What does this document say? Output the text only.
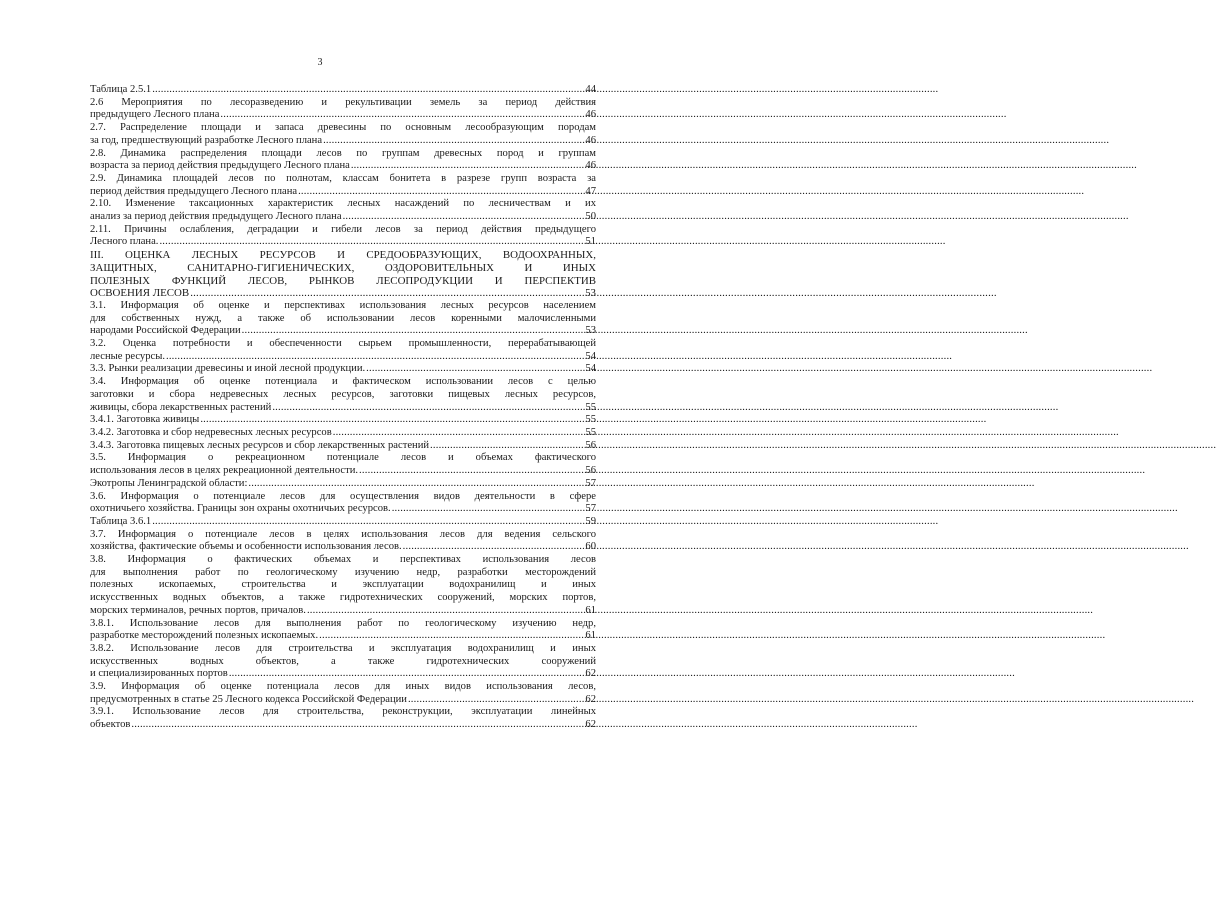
3
Таблица 2.5.1 .....	44
2.6 Мероприятия по лесоразведению и рекультивации земель за период действия
предыдущего Лесного плана .....	46
2.7. Распределение площади и запаса древесины по основным лесообразующим породам
за год, предшествующий разработке Лесного плана .....	46
2.8. Динамика распределения площади лесов по группам древесных пород и группам
возраста за период действия предыдущего Лесного плана .....	46
2.9. Динамика площадей лесов по полнотам, классам бонитета в разрезе групп возраста за
период действия предыдущего Лесного плана .....	47
2.10. Изменение таксационных характеристик лесных насаждений по лесничествам и их
анализ за период действия предыдущего Лесного плана .....	50
2.11. Причины ослабления, деградации и гибели лесов за период действия предыдущего
Лесного плана. .....	51
III. ОЦЕНКА ЛЕСНЫХ РЕСУРСОВ И СРЕДООБРАЗУЮЩИХ, ВОДООХРАННЫХ,
ЗАЩИТНЫХ, САНИТАРНО-ГИГИЕНИЧЕСКИХ, ОЗДОРОВИТЕЛЬНЫХ И ИНЫХ
ПОЛЕЗНЫХ ФУНКЦИЙ ЛЕСОВ, РЫНКОВ ЛЕСОПРОДУКЦИИ И ПЕРСПЕКТИВ
ОСВОЕНИЯ ЛЕСОВ .....	53
3.1. Информация об оценке и перспективах использования лесных ресурсов населением
для собственных нужд, а также об использовании лесов коренными малочисленными
народами Российской Федерации .....	53
3.2. Оценка потребности и обеспеченности сырьем промышленности, перерабатывающей
лесные ресурсы. .....	54
3.3. Рынки реализации древесины и иной лесной продукции. .....	54
3.4. Информация об оценке потенциала и фактическом использовании лесов с целью
заготовки и сбора недревесных лесных ресурсов, заготовки пищевых лесных ресурсов,
живицы, сбора лекарственных растений .....	55
3.4.1. Заготовка живицы .....	55
3.4.2. Заготовка и сбор недревесных лесных ресурсов .....	55
3.4.3. Заготовка пищевых лесных ресурсов и сбор лекарственных растений .....	56
3.5. Информация о рекреационном потенциале лесов и объемах фактического
использования лесов в целях рекреационной деятельности. .....	56
Экотропы Ленинградской области: .....	57
3.6. Информация о потенциале лесов для осуществления видов деятельности в сфере
охотничьего хозяйства. Границы зон охраны охотничьих ресурсов. .....	57
Таблица 3.6.1 .....	59
3.7. Информация о потенциале лесов в целях использования лесов для ведения сельского
хозяйства, фактические объемы и особенности использования лесов. .....	60
3.8. Информация о фактических объемах и перспективах использования лесов
для выполнения работ по геологическому изучению недр, разработки месторождений
полезных ископаемых, строительства и эксплуатации водохранилищ и иных
искусственных водных объектов, а также гидротехнических сооружений, морских портов,
морских терминалов, речных портов, причалов. .....	61
3.8.1. Использование лесов для выполнения работ по геологическому изучению недр,
разработке месторождений полезных ископаемых. .....	61
3.8.2. Использование лесов для строительства и эксплуатация водохранилищ и иных
искусственных водных объектов, а также гидротехнических сооружений
и специализированных портов .....	62
3.9. Информация об оценке потенциала лесов для иных видов использования лесов,
предусмотренных в статье 25 Лесного кодекса Российской Федерации .....	62
3.9.1. Использование лесов для строительства, реконструкции, эксплуатации линейных
объектов .....	62
